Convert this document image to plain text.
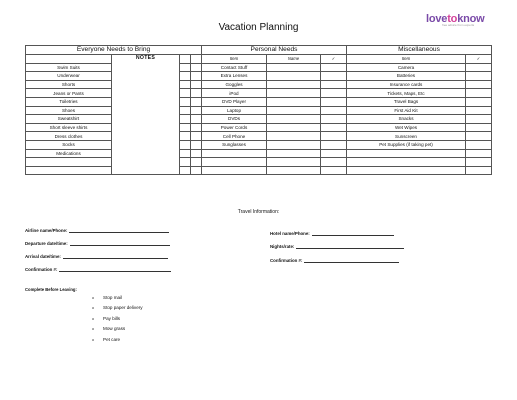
Vacation Planning
lovetoknow
free advice from experts
Everyone Needs to Bring			
	NOTES		
Swim Suits			
Underwear			
Shorts			
Jeans or Pants			
Toiletries			
Shoes			
Sweatshirt			
Short sleeve shirts			
Dress clothes			
Socks			
Medications			

Personal Needs		
Item	Name	✓
Contact Stuff		
Extra Lenses		
Goggles		
iPod		
DVD Player		
Laptop		
DVDs		
Power Cords		
Cell Phone		
Sunglasses		

Miscellaneous	
Item	✓
Camera	
Batteries	
Insurance cards	
Tickets, Maps, Etc	
Travel Bags	
First Aid Kit	
Snacks	
Wet Wipes	
Sunscreen	
Pet Supplies (if taking pet)	

Travel Information:
Airline name/Phone:
Departure date/time:
Arrival date/time:
Confirmation #:
Hotel name/Phone:
Nights/rate:
Confirmation #:
Complete Before Leaving:
o Stop mail
o Stop paper delivery
o Pay bills
o Mow grass
o Pet care
